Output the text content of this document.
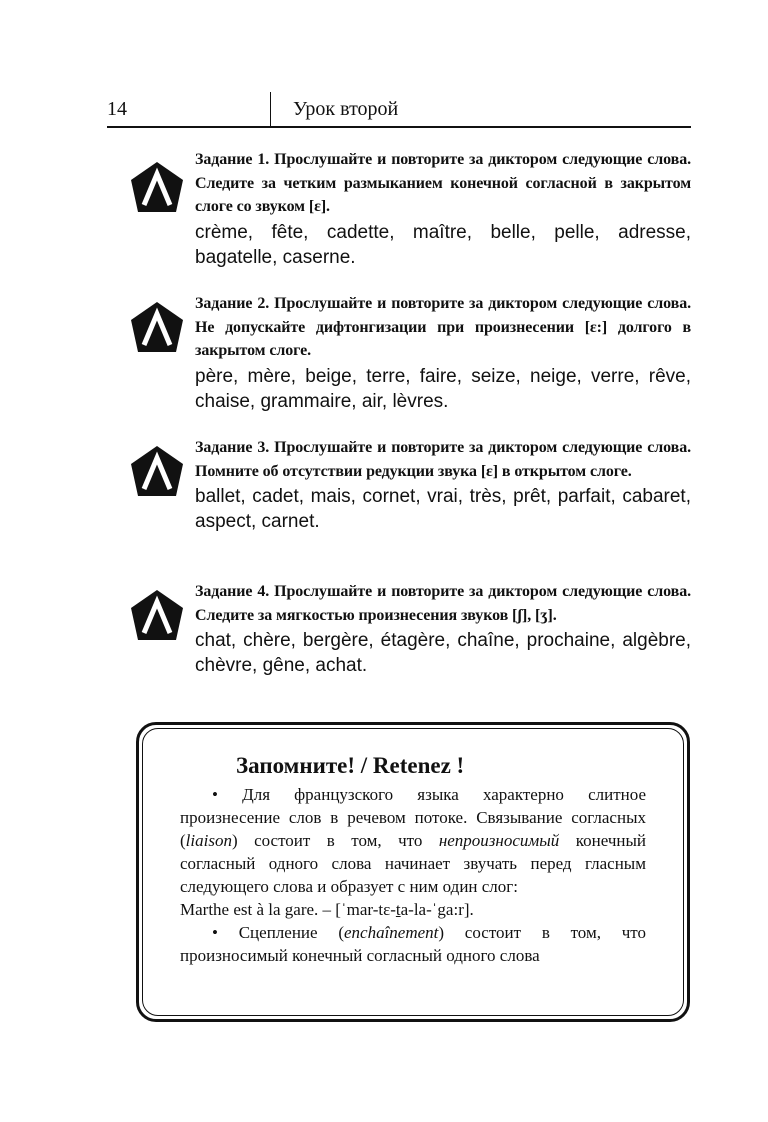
14	Урок второй
Задание 1. Прослушайте и повторите за диктором следующие слова. Следите за четким размыканием конечной согласной в закрытом слоге со звуком [ε].
crème, fête, cadette, maître, belle, pelle, adresse, bagatelle, caserne.
Задание 2. Прослушайте и повторите за диктором следующие слова. Не допускайте дифтонгизации при произнесении [ε:] долгого в закрытом слоге.
père, mère, beige, terre, faire, seize, neige, verre, rêve, chaise, grammaire, air, lèvres.
Задание 3. Прослушайте и повторите за диктором следующие слова. Помните об отсутствии редукции звука [ε] в открытом слоге.
ballet, cadet, mais, cornet, vrai, très, prêt, parfait, cabaret, aspect, carnet.
Задание 4. Прослушайте и повторите за диктором следующие слова. Следите за мягкостью произнесения звуков [ʃ], [ʒ].
chat, chère, bergère, étagère, chaîne, prochaine, algèbre, chèvre, gêne, achat.
Запомните! / Retenez !

• Для французского языка характерно слитное произнесение слов в речевом потоке. Связывание согласных (liaison) состоит в том, что непроизносимый конечный согласный одного слова начинает звучать перед гласным следующего слова и образует с ним один слог:

Marthe est à la gare. – [ˈmar-tε-ta-la-ˈga:r].

• Сцепление (enchaînement) состоит в том, что произносимый конечный согласный одного слова
